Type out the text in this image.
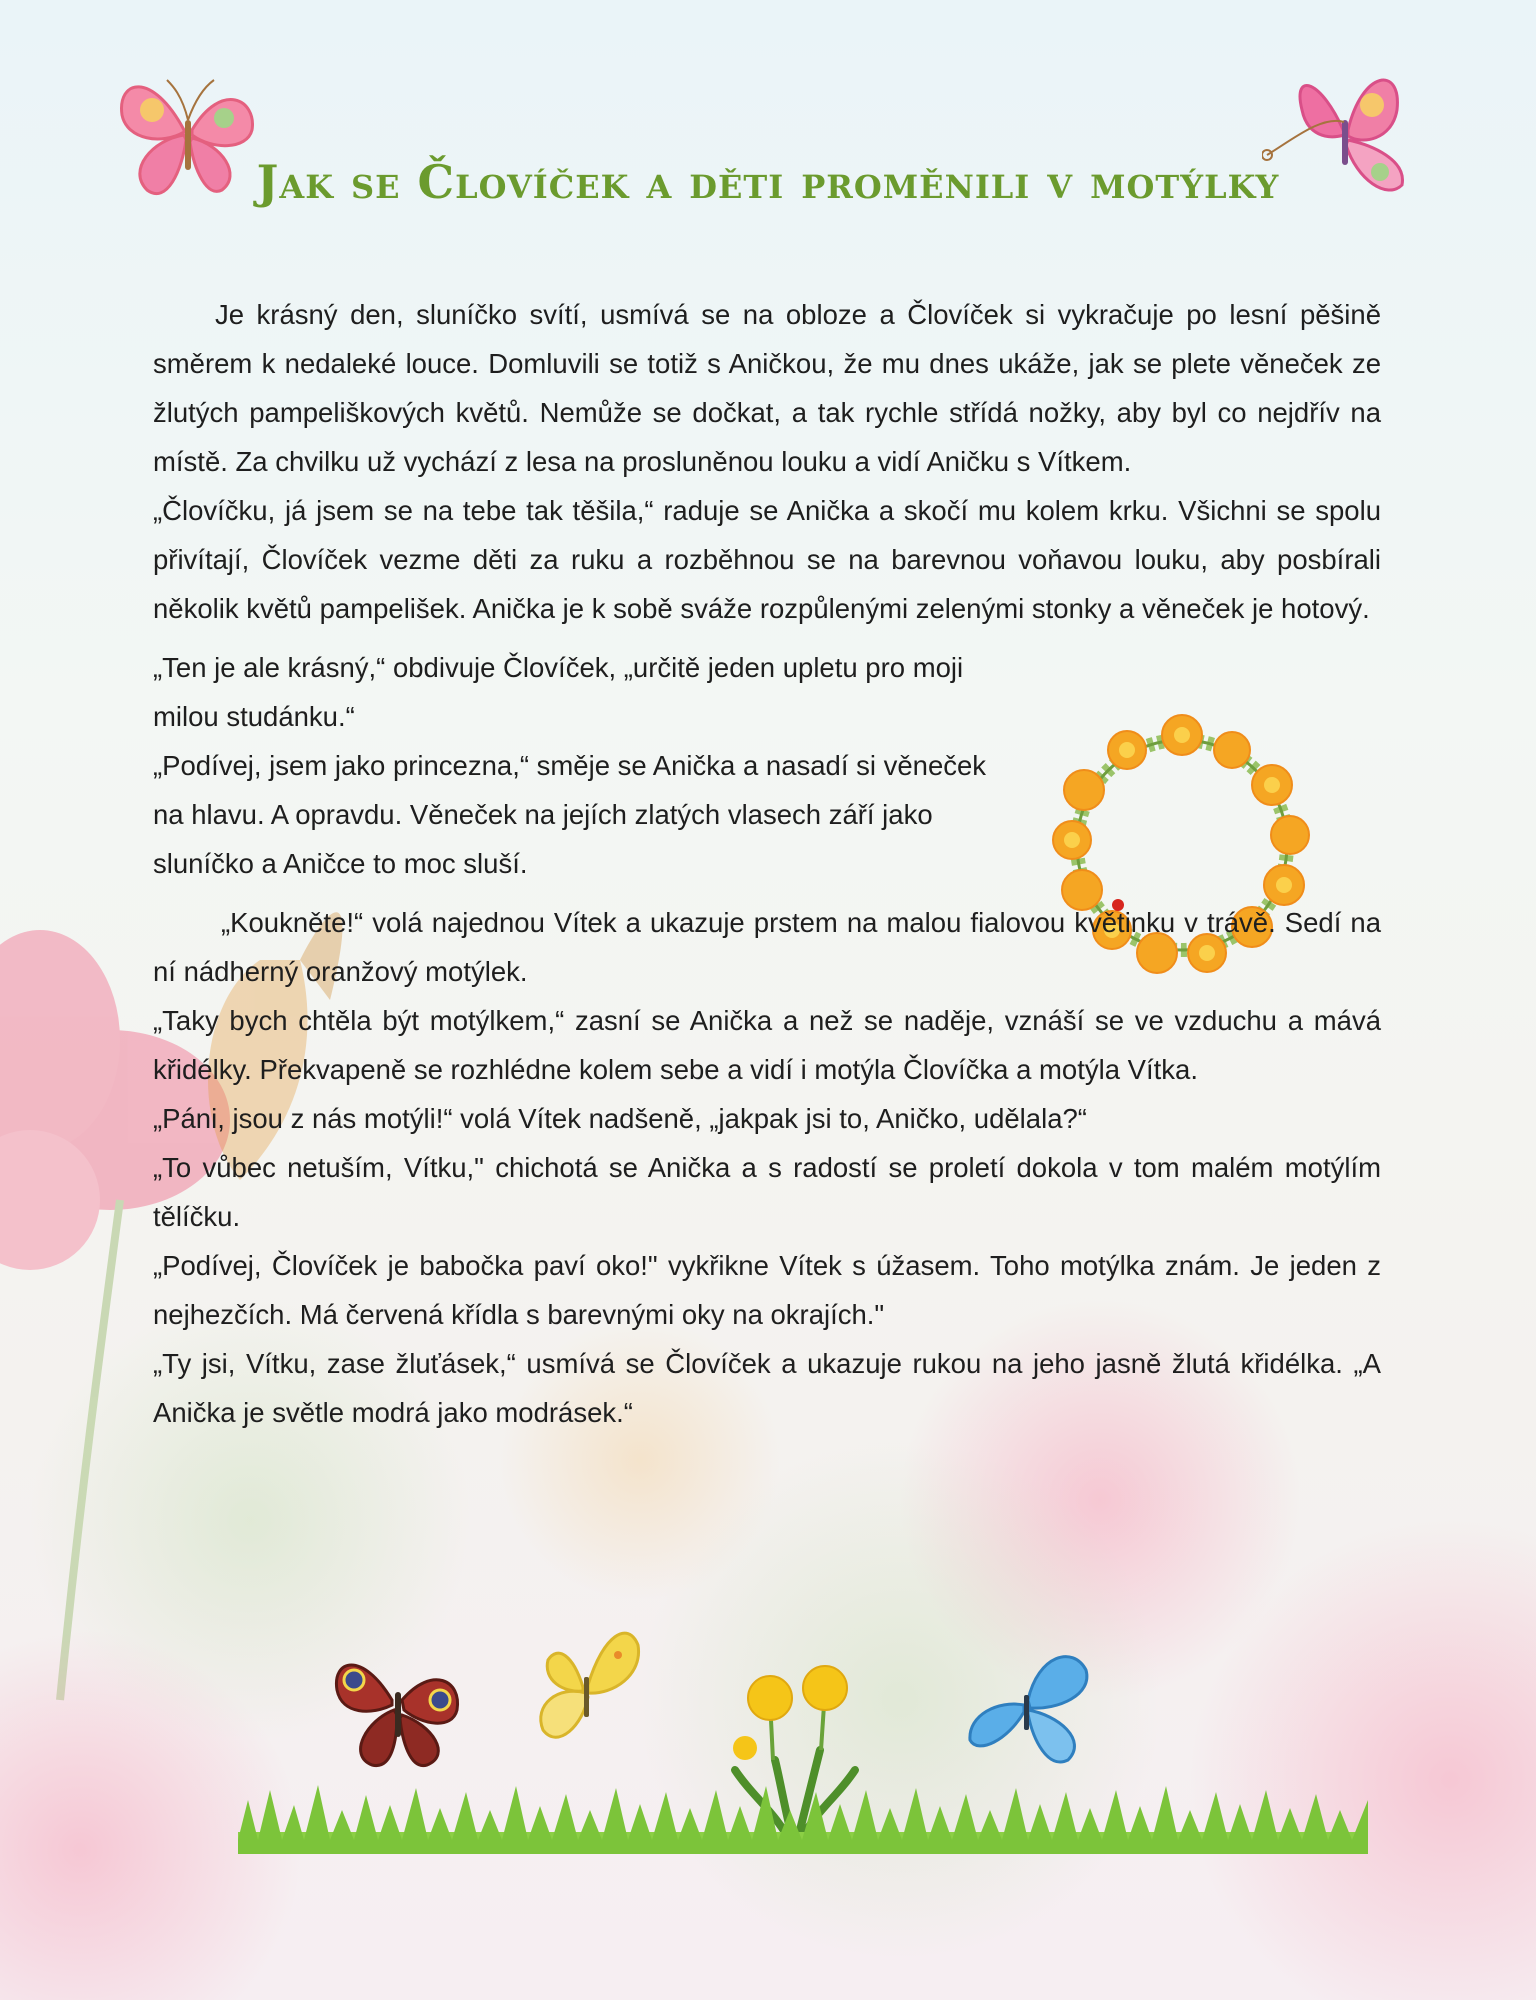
Jak se Človíček a děti proměnili v motýlky

Je krásný den, sluníčko svítí, usmívá se na obloze a Človíček si vykračuje po lesní pěšině směrem k nedaleké louce. Domluvili se totiž s Aničkou, že mu dnes ukáže, jak se plete věneček ze žlutých pampeliškových květů. Nemůže se dočkat, a tak rychle střídá nožky, aby byl co nejdřív na místě. Za chvilku už vychází z lesa na prosluněnou louku a vidí Aničku s Vítkem.

„Človíčku, já jsem se na tebe tak těšila,“ raduje se Anička a skočí mu kolem krku. Všichni se spolu přivítají, Človíček vezme děti za ruku a rozběhnou se na barevnou voňavou louku, aby posbírali několik květů pampelišek. Anička je k sobě sváže rozpůlenými zelenými stonky a věneček je hotový.

„Ten je ale krásný,“ obdivuje Človíček, „určitě jeden upletu pro moji milou studánku.“

„Podívej, jsem jako princezna,“ směje se Anička a nasadí si věneček na hlavu. A opravdu. Věneček na jejích zlatých vlasech září jako sluníčko a Aničce to moc sluší.

„Koukněte!“ volá najednou Vítek a ukazuje prstem na malou fialovou květinku v trávě. Sedí na ní nádherný oranžový motýlek.

„Taky bych chtěla být motýlkem,“ zasní se Anička a než se naděje, vznáší se ve vzduchu a mává křidélky. Překvapeně se rozhlédne kolem sebe a vidí i motýla Človíčka a motýla Vítka.

„Páni, jsou z nás motýli!“ volá Vítek nadšeně, „jakpak jsi to, Aničko, udělala?“

„To vůbec netuším, Vítku," chichotá se Anička a s radostí se proletí dokola v tom malém motýlím tělíčku.

„Podívej, Človíček je babočka paví oko!" vykřikne Vítek s úžasem. Toho motýlka znám. Je jeden z nejhezčích. Má červená křídla s barevnými oky na okrajích."

„Ty jsi, Vítku, zase žluťásek,“ usmívá se Človíček a ukazuje rukou na jeho jasně žlutá křidélka. „A Anička je světle modrá jako modrásek.“
